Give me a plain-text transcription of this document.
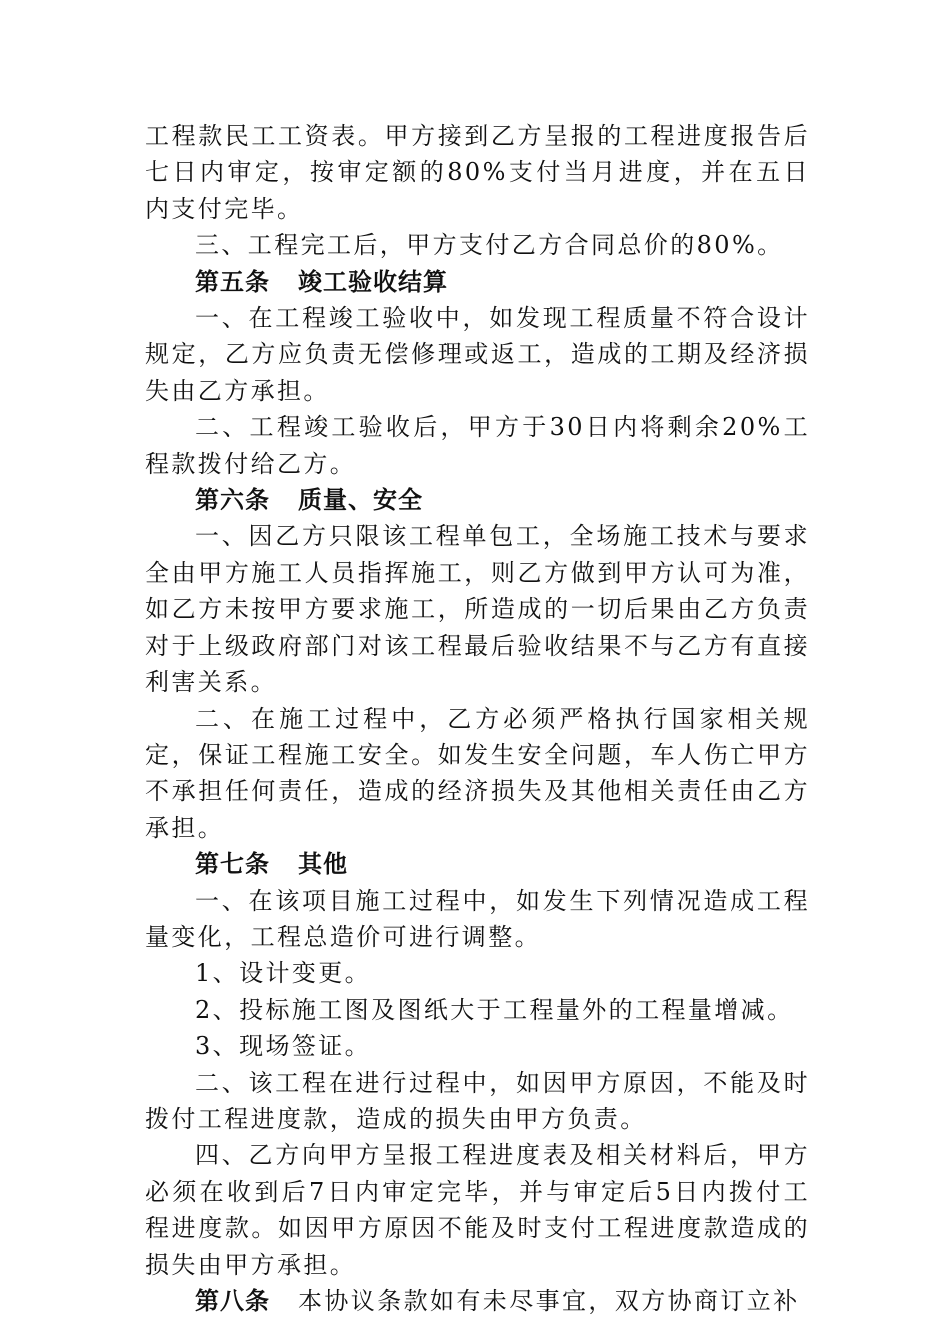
工程款民工工资表。甲方接到乙方呈报的工程进度报告后七日内审定，按审定额的80%支付当月进度，并在五日内支付完毕。

三、工程完工后，甲方支付乙方合同总价的80%。

第五条 竣工验收结算

一、在工程竣工验收中，如发现工程质量不符合设计规定，乙方应负责无偿修理或返工，造成的工期及经济损失由乙方承担。

二、工程竣工验收后，甲方于30日内将剩余20%工程款拨付给乙方。

第六条 质量、安全

一、因乙方只限该工程单包工，全场施工技术与要求全由甲方施工人员指挥施工，则乙方做到甲方认可为准，如乙方未按甲方要求施工，所造成的一切后果由乙方负责对于上级政府部门对该工程最后验收结果不与乙方有直接利害关系。

二、在施工过程中，乙方必须严格执行国家相关规定，保证工程施工安全。如发生安全问题，车人伤亡甲方不承担任何责任，造成的经济损失及其他相关责任由乙方承担。

第七条 其他

一、在该项目施工过程中，如发生下列情况造成工程量变化，工程总造价可进行调整。

1、设计变更。

2、投标施工图及图纸大于工程量外的工程量增减。

3、现场签证。

二、该工程在进行过程中，如因甲方原因，不能及时拨付工程进度款，造成的损失由甲方负责。

四、乙方向甲方呈报工程进度表及相关材料后，甲方必须在收到后7日内审定完毕，并与审定后5日内拨付工程进度款。如因甲方原因不能及时支付工程进度款造成的损失由甲方承担。

第八条 本协议条款如有未尽事宜，双方协商订立补
